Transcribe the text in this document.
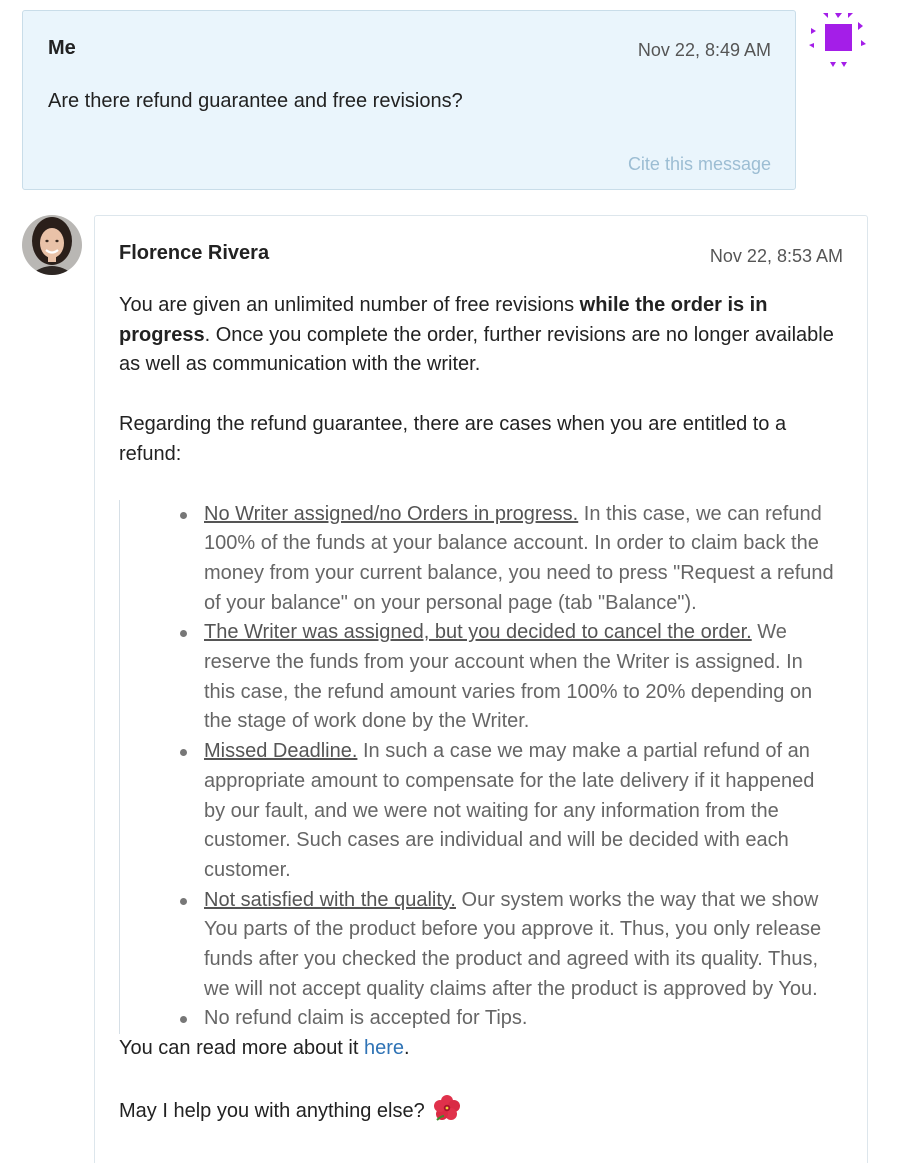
Me	Nov 22, 8:49 AM
Are there refund guarantee and free revisions?
Cite this message
Florence Rivera	Nov 22, 8:53 AM

You are given an unlimited number of free revisions while the order is in progress. Once you complete the order, further revisions are no longer available as well as communication with the writer.

Regarding the refund guarantee, there are cases when you are entitled to a refund:

No Writer assigned/no Orders in progress. In this case, we can refund 100% of the funds at your balance account. In order to claim back the money from your current balance, you need to press "Request a refund of your balance" on your personal page (tab "Balance").
The Writer was assigned, but you decided to cancel the order. We reserve the funds from your account when the Writer is assigned. In this case, the refund amount varies from 100% to 20% depending on the stage of work done by the Writer.
Missed Deadline. In such a case we may make a partial refund of an appropriate amount to compensate for the late delivery if it happened by our fault, and we were not waiting for any information from the customer. Such cases are individual and will be decided with each customer.
Not satisfied with the quality. Our system works the way that we show You parts of the product before you approve it. Thus, you only release funds after you checked the product and agreed with its quality. Thus, we will not accept quality claims after the product is approved by You.
No refund claim is accepted for Tips.

You can read more about it here.

May I help you with anything else?
